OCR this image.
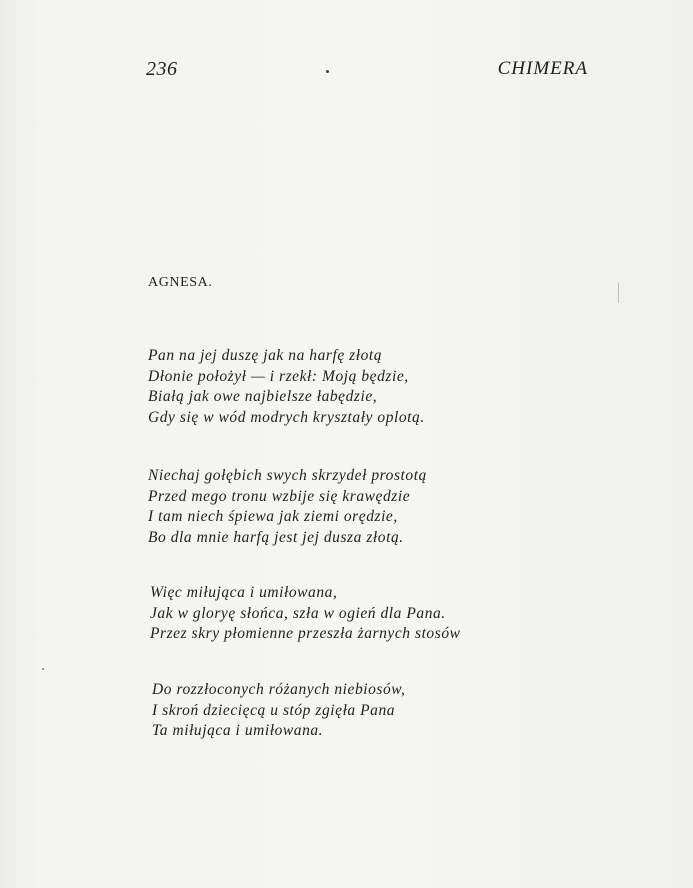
236	CHIMERA
AGNESA.
Pan na jej duszę jak na harfę złotą
Dłonie położył — i rzekł: Moją będzie,
Białą jak owe najbielsze łabędzie,
Gdy się w wód modrych kryształy oplotą.
Niechaj gołębich swych skrzydeł prostotą
Przed mego tronu wzbije się krawędzie
I tam niech śpiewa jak ziemi orędzie,
Bo dla mnie harfą jest jej dusza złotą.
Więc miłująca i umiłowana,
Jak w gloryę słońca, szła w ogień dla Pana.
Przez skry płomienne przeszła żarnych stosów
Do rozzłoconych różanych niebiosów,
I skroń dziecięcą u stóp zgięła Pana
Ta miłująca i umiłowana.
